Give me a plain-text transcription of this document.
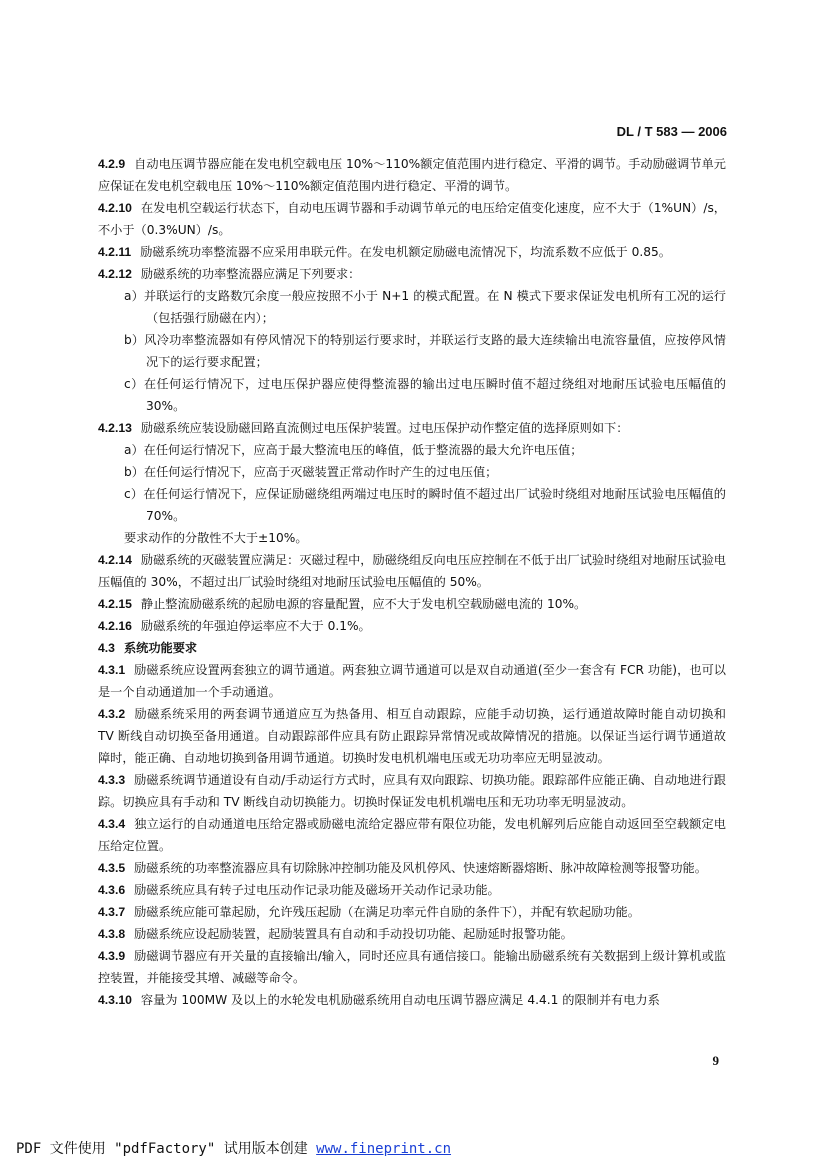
DL / T 583 — 2006

4.2.9 自动电压调节器应能在发电机空载电压 10%～110%额定值范围内进行稳定、平滑的调节。手动励磁调节单元应保证在发电机空载电压 10%～110%额定值范围内进行稳定、平滑的调节。

4.2.10 在发电机空载运行状态下，自动电压调节器和手动调节单元的电压给定值变化速度，应不大于（1%UN）/s，不小于（0.3%UN）/s。

4.2.11 励磁系统功率整流器不应采用串联元件。在发电机额定励磁电流情况下，均流系数不应低于 0.85。

4.2.12 励磁系统的功率整流器应满足下列要求：

a）并联运行的支路数冗余度一般应按照不小于 N+1 的模式配置。在 N 模式下要求保证发电机所有工况的运行（包括强行励磁在内）；

b）风冷功率整流器如有停风情况下的特别运行要求时，并联运行支路的最大连续输出电流容量值，应按停风情况下的运行要求配置；

c）在任何运行情况下，过电压保护器应使得整流器的输出过电压瞬时值不超过绕组对地耐压试验电压幅值的 30%。

4.2.13 励磁系统应装设励磁回路直流侧过电压保护装置。过电压保护动作整定值的选择原则如下：

a）在任何运行情况下，应高于最大整流电压的峰值，低于整流器的最大允许电压值；

b）在任何运行情况下，应高于灭磁装置正常动作时产生的过电压值；

c）在任何运行情况下，应保证励磁绕组两端过电压时的瞬时值不超过出厂试验时绕组对地耐压试验电压幅值的 70%。

要求动作的分散性不大于±10%。

4.2.14 励磁系统的灭磁装置应满足：灭磁过程中，励磁绕组反向电压应控制在不低于出厂试验时绕组对地耐压试验电压幅值的 30%，不超过出厂试验时绕组对地耐压试验电压幅值的 50%。

4.2.15 静止整流励磁系统的起励电源的容量配置，应不大于发电机空载励磁电流的 10%。

4.2.16 励磁系统的年强迫停运率应不大于 0.1%。

4.3 系统功能要求

4.3.1 励磁系统应设置两套独立的调节通道。两套独立调节通道可以是双自动通道(至少一套含有 FCR 功能)，也可以是一个自动通道加一个手动通道。

4.3.2 励磁系统采用的两套调节通道应互为热备用、相互自动跟踪，应能手动切换，运行通道故障时能自动切换和 TV 断线自动切换至备用通道。自动跟踪部件应具有防止跟踪异常情况或故障情况的措施。以保证当运行调节通道故障时，能正确、自动地切换到备用调节通道。切换时发电机机端电压或无功功率应无明显波动。

4.3.3 励磁系统调节通道设有自动/手动运行方式时，应具有双向跟踪、切换功能。跟踪部件应能正确、自动地进行跟踪。切换应具有手动和 TV 断线自动切换能力。切换时保证发电机机端电压和无功功率无明显波动。

4.3.4 独立运行的自动通道电压给定器或励磁电流给定器应带有限位功能，发电机解列后应能自动返回至空载额定电压给定位置。

4.3.5 励磁系统的功率整流器应具有切除脉冲控制功能及风机停风、快速熔断器熔断、脉冲故障检测等报警功能。

4.3.6 励磁系统应具有转子过电压动作记录功能及磁场开关动作记录功能。

4.3.7 励磁系统应能可靠起励，允许残压起励（在满足功率元件自励的条件下），并配有软起励功能。

4.3.8 励磁系统应设起励装置，起励装置具有自动和手动投切功能、起励延时报警功能。

4.3.9 励磁调节器应有开关量的直接输出/输入，同时还应具有通信接口。能输出励磁系统有关数据到上级计算机或监控装置，并能接受其增、减磁等命令。

4.3.10 容量为 100MW 及以上的水轮发电机励磁系统用自动电压调节器应满足 4.4.1 的限制并有电力系

9
PDF 文件使用 "pdfFactory" 试用版本创建 www.fineprint.cn
